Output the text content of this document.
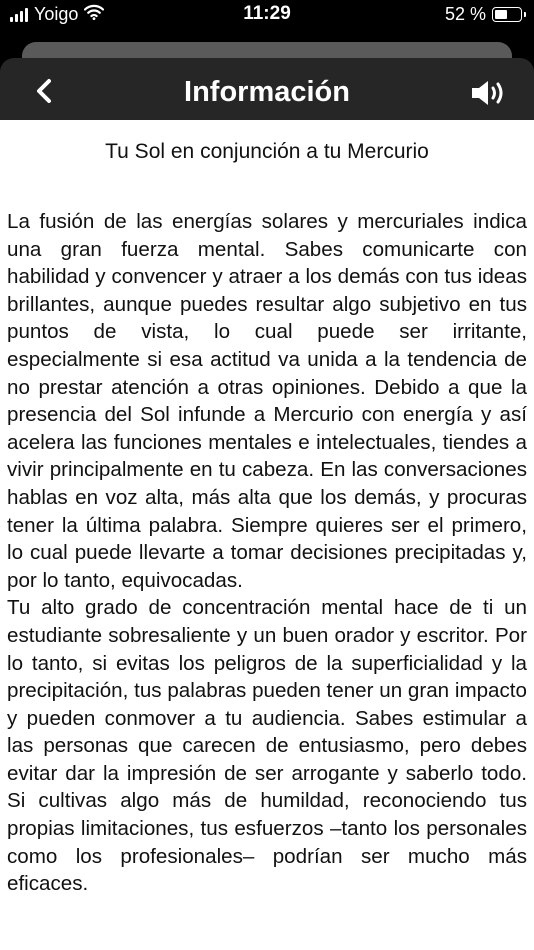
Yoigo	11:29	52 %
Información
Tu Sol en conjunción a tu Mercurio

La fusión de las energías solares y mercuriales indica una gran fuerza mental. Sabes comunicarte con habilidad y convencer y atraer a los demás con tus ideas brillantes, aunque puedes resultar algo subjetivo en tus puntos de vista, lo cual puede ser irritante, especialmente si esa actitud va unida a la tendencia de no prestar atención a otras opiniones. Debido a que la presencia del Sol infunde a Mercurio con energía y así acelera las funciones mentales e intelectuales, tiendes a vivir principalmente en tu cabeza. En las conversaciones hablas en voz alta, más alta que los demás, y procuras tener la última palabra. Siempre quieres ser el primero, lo cual puede llevarte a tomar decisiones precipitadas y, por lo tanto, equivocadas.

Tu alto grado de concentración mental hace de ti un estudiante sobresaliente y un buen orador y escritor. Por lo tanto, si evitas los peligros de la superficialidad y la precipitación, tus palabras pueden tener un gran impacto y pueden conmover a tu audiencia. Sabes estimular a las personas que carecen de entusiasmo, pero debes evitar dar la impresión de ser arrogante y saberlo todo. Si cultivas algo más de humildad, reconociendo tus propias limitaciones, tus esfuerzos –tanto los personales como los profesionales– podrían ser mucho más eficaces.
